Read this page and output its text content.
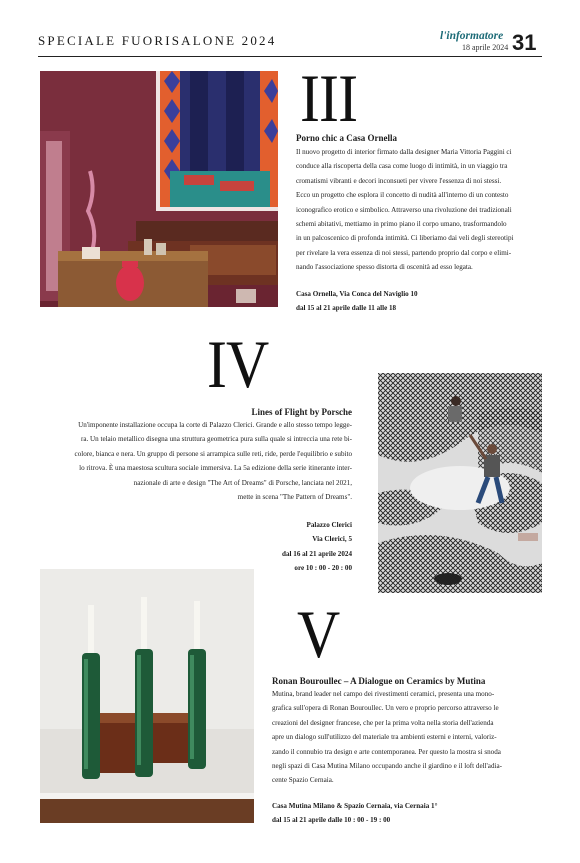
SPECIALE FUORISALONE 2024	l'informatore
18 aprile 2024 31
III
Porno chic a Casa Ornella
Il nuovo progetto di interior firmato dalla designer Maria Vittoria Paggini ci
conduce alla riscoperta della casa come luogo di intimità, in un viaggio tra
cromatismi vibranti e decori inconsueti per vivere l'essenza di noi stessi.
Ecco un progetto che esplora il concetto di nudità all'interno di un contesto
iconografico erotico e simbolico. Attraverso una rivoluzione dei tradizionali
schemi abitativi, mettiamo in primo piano il corpo umano, trasformandolo
in un palcoscenico di profonda intimità. Ci liberiamo dai veli degli stereotipi
per rivelare la vera essenza di noi stessi, partendo proprio dal corpo e elimi-
nando l'associazione spesso distorta di oscenità ad esso legata.
Casa Ornella, Via Conca del Naviglio 10
dal 15 al 21 aprile dalle 11 alle 18
IV
Lines of Flight by Porsche
Un'imponente installazione occupa la corte di Palazzo Clerici. Grande e allo stesso tempo legge-
ra. Un telaio metallico disegna una struttura geometrica pura sulla quale si intreccia una rete bi-
colore, bianca e nera. Un gruppo di persone si arrampica sulle reti, ride, perde l'equilibrio e subito
lo ritrova. È una maestosa scultura sociale immersiva. La 5a edizione della serie itinerante inter-
nazionale di arte e design "The Art of Dreams" di Porsche, lanciata nel 2021,
mette in scena "The Pattern of Dreams".
Palazzo Clerici
Via Clerici, 5
dal 16 al 21 aprile 2024
ore 10 : 00 - 20 : 00
V
Ronan Bouroullec – A Dialogue on Ceramics by Mutina
Mutina, brand leader nel campo dei rivestimenti ceramici, presenta una mono-
grafica sull'opera di Ronan Bouroullec. Un vero e proprio percorso attraverso le
creazioni del designer francese, che per la prima volta nella storia dell'azienda
apre un dialogo sull'utilizzo del materiale tra ambienti esterni e interni, valoriz-
zando il connubio tra design e arte contemporanea. Per questo la mostra si snoda
negli spazi di Casa Mutina Milano occupando anche il giardino e il loft dell'adia-
cente Spazio Cernaia.
Casa Mutina Milano & Spazio Cernaia, via Cernaia 1°
dal 15 al 21 aprile dalle 10 : 00 - 19 : 00
